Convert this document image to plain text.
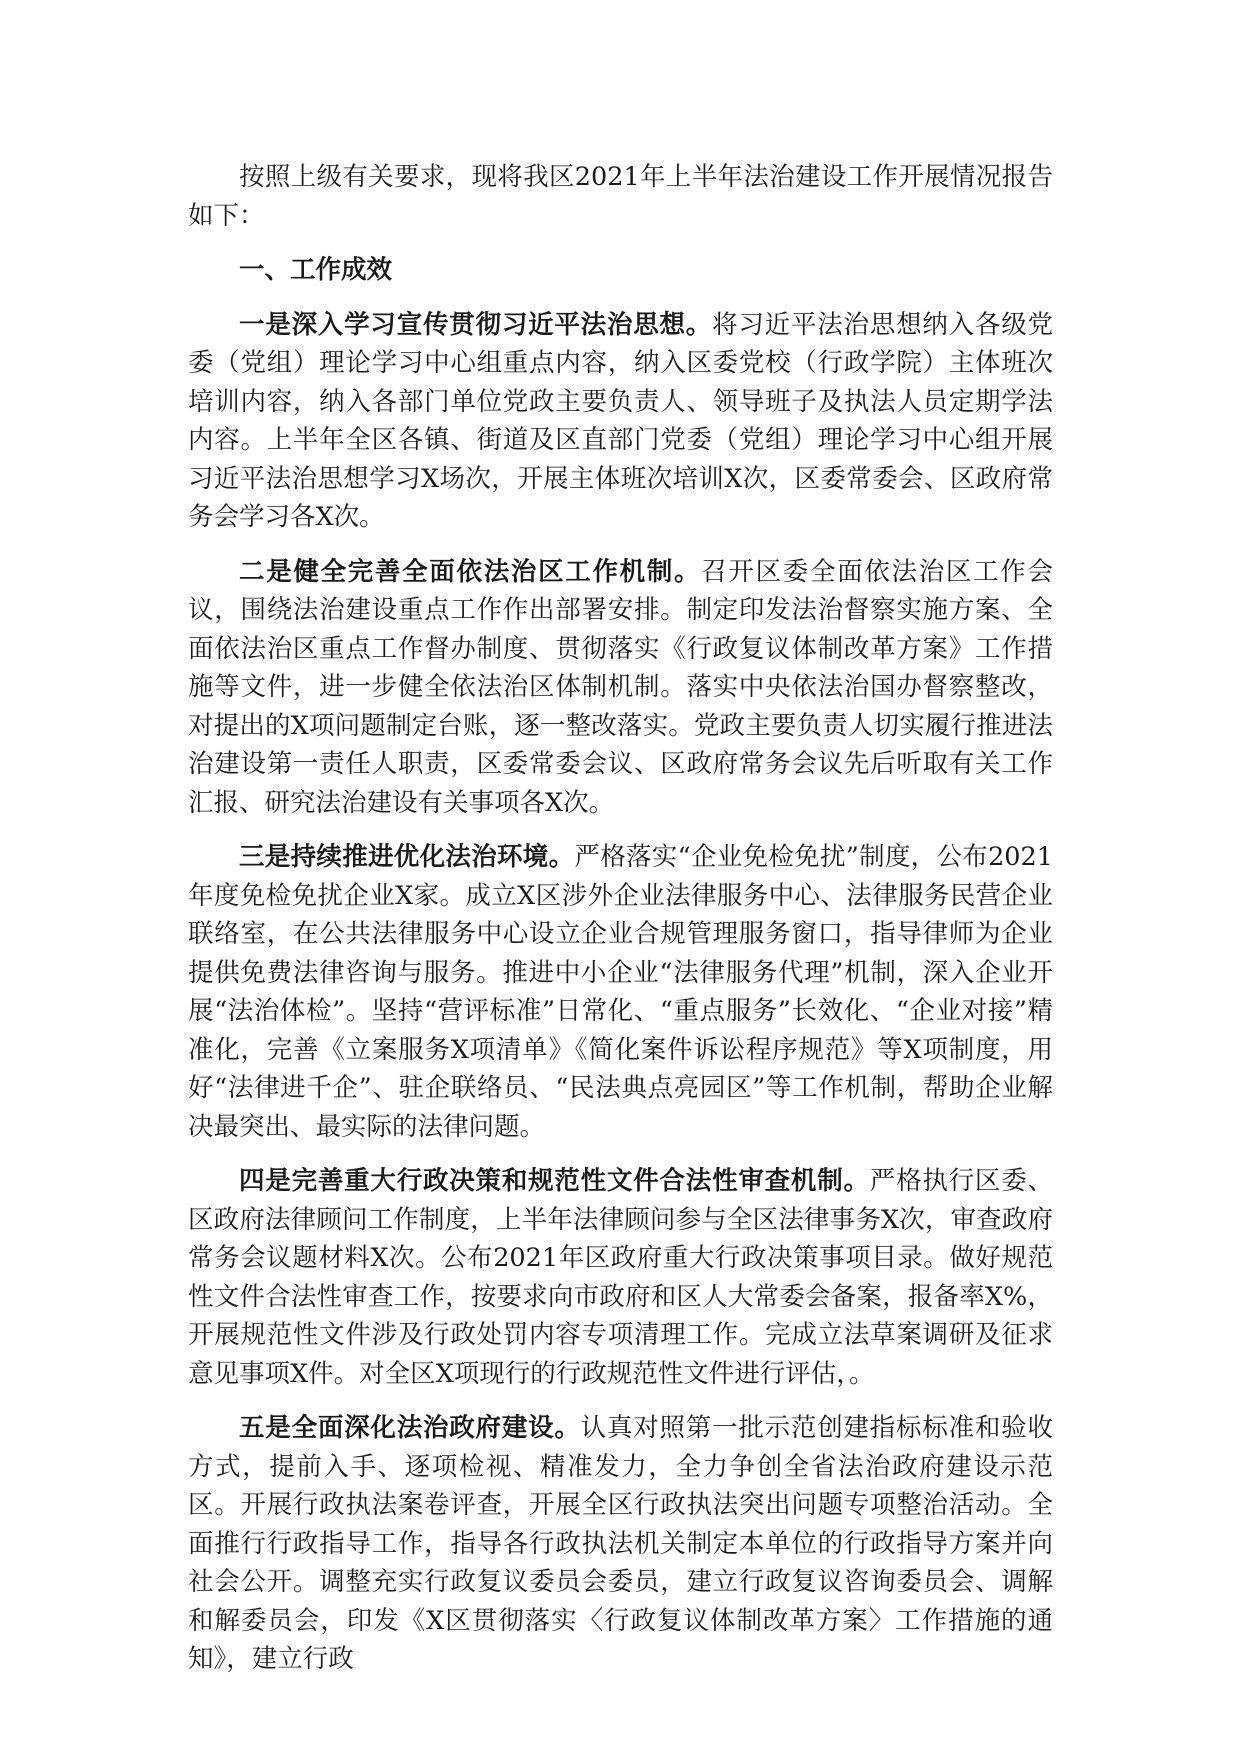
按照上级有关要求，现将我区2021年上半年法治建设工作开展情况报告如下：

一、工作成效

一是深入学习宣传贯彻习近平法治思想。将习近平法治思想纳入各级党委（党组）理论学习中心组重点内容，纳入区委党校（行政学院）主体班次培训内容，纳入各部门单位党政主要负责人、领导班子及执法人员定期学法内容。上半年全区各镇、街道及区直部门党委（党组）理论学习中心组开展习近平法治思想学习X场次，开展主体班次培训X次，区委常委会、区政府常务会学习各X次。

二是健全完善全面依法治区工作机制。召开区委全面依法治区工作会议，围绕法治建设重点工作作出部署安排。制定印发法治督察实施方案、全面依法治区重点工作督办制度、贯彻落实《行政复议体制改革方案》工作措施等文件，进一步健全依法治区体制机制。落实中央依法治国办督察整改，对提出的X项问题制定台账，逐一整改落实。党政主要负责人切实履行推进法治建设第一责任人职责，区委常委会议、区政府常务会议先后听取有关工作汇报、研究法治建设有关事项各X次。

三是持续推进优化法治环境。严格落实“企业免检免扰”制度，公布2021年度免检免扰企业X家。成立X区涉外企业法律服务中心、法律服务民营企业联络室，在公共法律服务中心设立企业合规管理服务窗口，指导律师为企业提供免费法律咨询与服务。推进中小企业“法律服务代理”机制，深入企业开展“法治体检”。坚持“营评标准”日常化、“重点服务”长效化、“企业对接”精准化，完善《立案服务X项清单》《简化案件诉讼程序规范》等X项制度，用好“法律进千企”、驻企联络员、“民法典点亮园区”等工作机制，帮助企业解决最突出、最实际的法律问题。

四是完善重大行政决策和规范性文件合法性审查机制。严格执行区委、区政府法律顾问工作制度，上半年法律顾问参与全区法律事务X次，审查政府常务会议题材料X次。公布2021年区政府重大行政决策事项目录。做好规范性文件合法性审查工作，按要求向市政府和区人大常委会备案，报备率X%，开展规范性文件涉及行政处罚内容专项清理工作。完成立法草案调研及征求意见事项X件。对全区X项现行的行政规范性文件进行评估，。

五是全面深化法治政府建设。认真对照第一批示范创建指标标准和验收方式，提前入手、逐项检视、精准发力，全力争创全省法治政府建设示范区。开展行政执法案卷评查，开展全区行政执法突出问题专项整治活动。全面推行行政指导工作，指导各行政执法机关制定本单位的行政指导方案并向社会公开。调整充实行政复议委员会委员，建立行政复议咨询委员会、调解和解委员会，印发《X区贯彻落实〈行政复议体制改革方案〉工作措施的通知》，建立行政
